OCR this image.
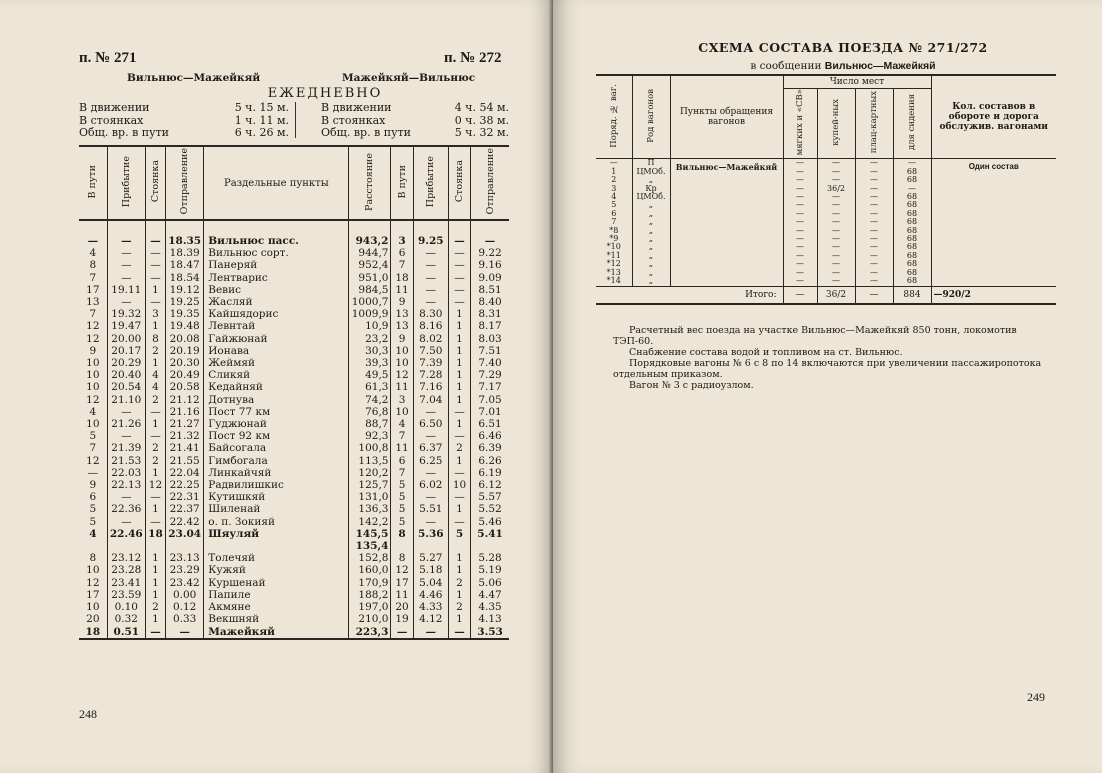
п. № 271	п. № 272
Вильнюс—Мажейкяй	Мажейкяй—Вильнюс
ЕЖЕДНЕВНО
В движении	5 ч. 15 м.
В стоянках	1 ч. 11 м.
Общ. вр. в пути	6 ч. 26 м.
В движении	4 ч. 54 м.
В стоянках	0 ч. 38 м.
Общ. вр. в пути	5 ч. 32 м.
В пути	Прибытие	Стоянка	Отправление	Раздельные пункты	Расстояние	В пути	Прибытие	Стоянка	Отправление

—	—	—	18.35	Вильнюс пасс.	943,2	3	9.25	—	—
4	—	—	18.39	Вильнюс сорт.	944,7	6	—	—	9.22
8	—	—	18.47	Панеряй	952,4	7	—	—	9.16
7	—	—	18.54	Лентварис	951,0	18	—	—	9.09
17	19.11	1	19.12	Вевис	984,5	11	—	—	8.51
13	—	—	19.25	Жасляй	1000,7	9	—	—	8.40
7	19.32	3	19.35	Кайшядорис	1009,9	13	8.30	1	8.31
12	19.47	1	19.48	Левнтай	10,9	13	8.16	1	8.17
12	20.00	8	20.08	Гайжюнай	23,2	9	8.02	1	8.03
9	20.17	2	20.19	Ионава	30,3	10	7.50	1	7.51
10	20.29	1	20.30	Жеймяй	39,3	10	7.39	1	7.40
10	20.40	4	20.49	Сликяй	49,5	12	7.28	1	7.29
10	20.54	4	20.58	Кедайняй	61,3	11	7.16	1	7.17
12	21.10	2	21.12	Дотнува	74,2	3	7.04	1	7.05
4	—	—	21.16	Пост 77 км	76,8	10	—	—	7.01
10	21.26	1	21.27	Гуджюнай	88,7	4	6.50	1	6.51
5	—	—	21.32	Пост 92 км	92,3	7	—	—	6.46
7	21.39	2	21.41	Байсогала	100,8	11	6.37	2	6.39
12	21.53	2	21.55	Гимбогала	113,5	6	6.25	1	6.26
—	22.03	1	22.04	Линкайчяй	120,2	7	—	—	6.19
9	22.13	12	22.25	Радвилишкис	125,7	5	6.02	10	6.12
6	—	—	22.31	Кутишкяй	131,0	5	—	—	5.57
5	22.36	1	22.37	Шиленай	136,3	5	5.51	1	5.52
5	—	—	22.42	о. п. Зокияй	142,2	5	—	—	5.46
4	22.46	18	23.04	Шяуляй	145,5	8	5.36	5	5.41
					135,4				
8	23.12	1	23.13	Толечяй	152,8	8	5.27	1	5.28
10	23.28	1	23.29	Кужяй	160,0	12	5.18	1	5.19
12	23.41	1	23.42	Куршенай	170,9	17	5.04	2	5.06
17	23.59	1	0.00	Папиле	188,2	11	4.46	1	4.47
10	0.10	2	0.12	Акмяне	197,0	20	4.33	2	4.35
20	0.32	1	0.33	Векшняй	210,0	19	4.12	1	4.13
18	0.51	—	—	Мажейкяй	223,3	—	—	—	3.53
248
СХЕМА СОСТАВА ПОЕЗДА № 271/272
в сообщении Вильнюс—Мажейкяй
Поряд. № ваг.	Род вагонов	Пункты обращения вагонов	Число мест				Кол. составов в обороте и дорога обслужив. вагонами
			мягких и «СВ»	купей-ных	плац-картных	для сидения	
—	П	Вильнюс—Мажейкяй	—	—	—	—	Один состав
1	ЦМОб.		—	—	—	68	
2	„		—	—	—	68	
3	Кр		—	36/2	—	—	
4	ЦМОб.		—	—	—	68	
5	„		—	—	—	68	
6	„		—	—	—	68	
7	„		—	—	—	68	
*8	„		—	—	—	68	
*9	„		—	—	—	68	
*10	„		—	—	—	68	
*11	„		—	—	—	68	
*12	„		—	—	—	68	
*13	„		—	—	—	68	
*14	„		—	—	—	68	
Итого:			—	36/2	—	884	—920/2

Расчетный вес поезда на участке Вильнюс—Мажейкяй 850 тонн, локомотив ТЭП-60.

Снабжение состава водой и топливом на ст. Вильнюс.

Порядковые вагоны № 6 с 8 по 14 включаются при увеличении пассажиропотока отдельным приказом.

Вагон № 3 с радиоузлом.

249
